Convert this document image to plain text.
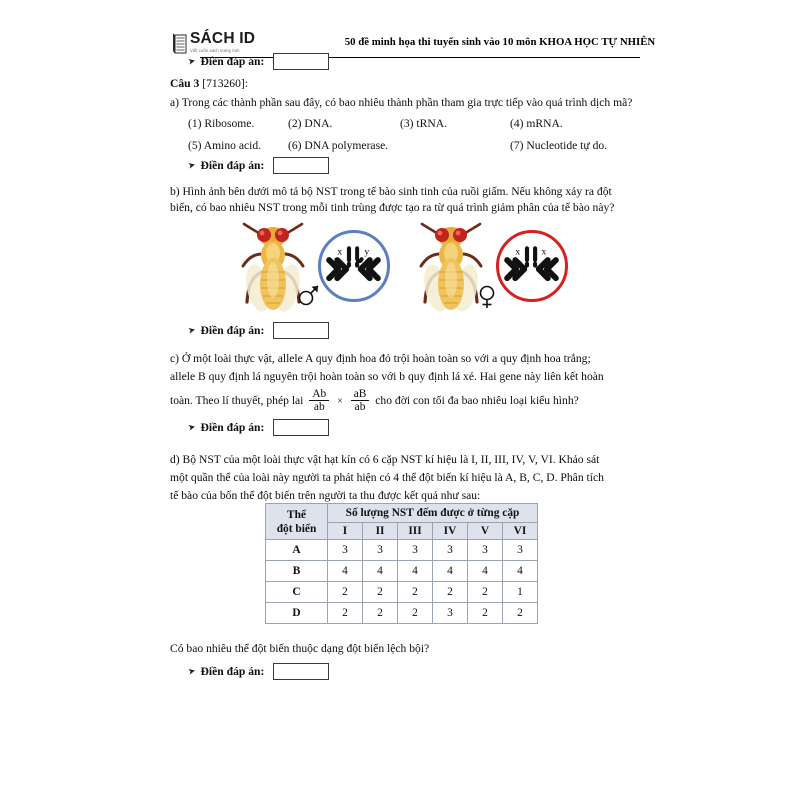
SÁCH ID
Viết cuốn sách mang tính
50 đề minh họa thi tuyển sinh vào 10 môn KHOA HỌC TỰ NHIÊN
➤ Điền đáp án:
Câu 3 [713260]:
a) Trong các thành phần sau đây, có bao nhiêu thành phần tham gia trực tiếp vào quá trình dịch mã?
(1) Ribosome.	(2) DNA.	(3) tRNA.	(4) mRNA.
(5) Amino acid. (6) DNA polymerase.	(7) Nucleotide tự do.
➤ Điền đáp án:
b) Hình ảnh bên dưới mô tả bộ NST trong tế bào sinh tinh của ruồi giấm. Nếu không xảy ra đột
biến, có bao nhiêu NST trong mỗi tinh trùng được tạo ra từ quá trình giảm phân của tế bào này?
x y	x x
➤ Điền đáp án:
c) Ở một loài thực vật, allele A quy định hoa đỏ trội hoàn toàn so với a quy định hoa trắng;
allele B quy định lá nguyên trội hoàn toàn so với b quy định lá xẻ. Hai gene này liên kết hoàn
toàn. Theo lí thuyết, phép lai $\frac{Ab}{ab} \times \frac{aB}{ab}$ cho đời con tối đa bao nhiêu loại kiểu hình?
➤ Điền đáp án:
d) Bộ NST của một loài thực vật hạt kín có 6 cặp NST kí hiệu là I, II, III, IV, V, VI. Khảo sát
một quần thể của loài này người ta phát hiện có 4 thể đột biến kí hiệu là A, B, C, D. Phân tích
tế bào của bốn thể đột biến trên người ta thu được kết quả như sau:
Thể
đột biến	Số lượng NST đếm được ở từng cặp					
	I	II	III	IV	V	VI
A	3	3	3	3	3	3
B	4	4	4	4	4	4
C	2	2	2	2	2	1
D	2	2	2	3	2	2
Có bao nhiêu thể đột biến thuộc dạng đột biến lệch bội?
➤ Điền đáp án:
